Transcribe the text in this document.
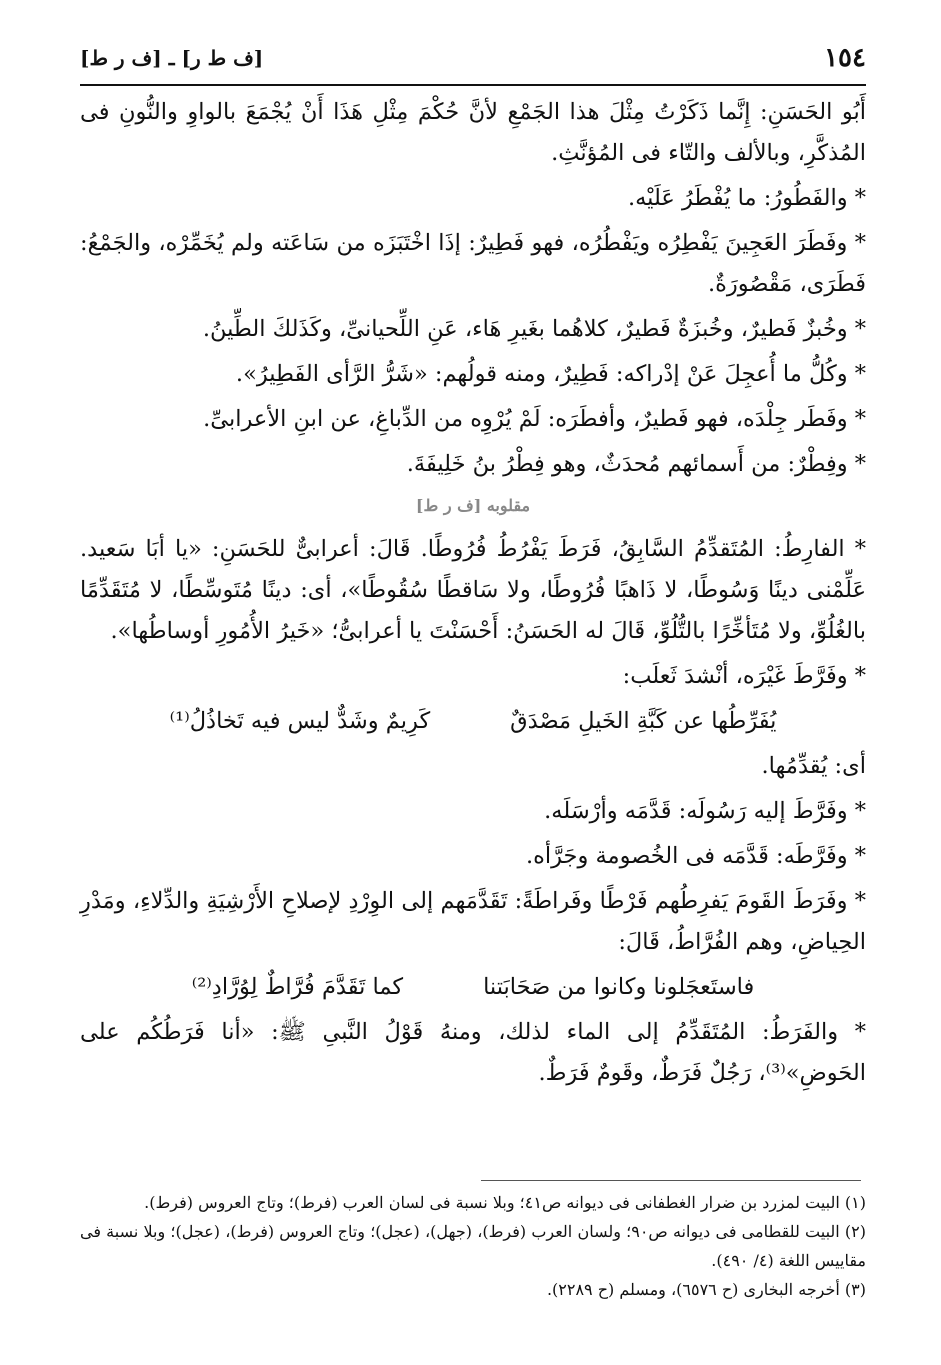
١٥٤
[ف ط ر] ـ [ف ر ط]

أَبُو الحَسَنِ: إِنَّما ذَكَرْتُ مِثْلَ هذا الجَمْعِ لأنَّ حُكْمَ مِثْلِ هَذَا أَنْ يُجْمَعَ بالواوِ والنُّونِ فى المُذكَّرِ، وبالألف والتّاء فى المُؤنَّثِ.

* والفَطُورُ: ما يُفْطَرُ عَلَيْه.

* وفَطَرَ العَجِينَ يَفْطِرُه ويَفْطُرُه، فهو فَطِيرٌ: إذَا اخْتَبَزَه من سَاعَته ولم يُخَمِّرْه، والجَمْعُ: فَطَرَى، مَقْصُورَةٌ.

* وخُبزٌ فَطيرٌ، وخُبزَةٌ فَطيرٌ، كلاهُما بغَيرِ هَاء، عَنِ اللِّحيانىِّ، وكَذَلكَ الطِّينُ.

* وكُلُّ ما أُعجِلَ عَنْ إدْراكه: فَطِيرٌ، ومنه قولُهم: «شَرُّ الرَّأى الفَطِيرُ».

* وفَطَر جِلْدَه، فهو فَطيرٌ، وأفطَرَه: لَمْ يُرْوِه من الدِّباغِ، عن ابنِ الأعرابىِّ.

* وفِطْرٌ: من أَسمائهم مُحدَثٌ، وهو فِطْرُ بنُ خَلِيفَةَ.

مقلوبه [ف ر ط]

* الفارِطُ: المُتَقدِّمُ السَّابِقُ، فَرَطَ يَفْرُطُ فُرُوطًا. قَالَ: أعرابىٌّ للحَسَنِ: «يا أبَا سَعيد. عَلِّمْنى دينًا وَسُوطًا، لا ذَاهبًا فُرُوطًا، ولا سَاقطًا سُقُوطًا»، أى: دينًا مُتَوسِّطًا، لا مُتَقَدِّمًا بالغُلُوِّ، ولا مُتَأخِّرًا بالتُّلُوِّ، قَالَ له الحَسَنُ: أَحْسَنْتَ يا أعرابىُّ؛ «خَيرُ الأُمُورِ أوساطُها».

* وفَرَّطَ غَيْرَه، أنْشدَ ثَعلَب:

يُفَرِّطُها عن كَبَّةِ الخَيلِ مَصْدَقٌ
كَرِيمٌ وشَدٌّ ليس فيه تَخاذُلُ⁽¹⁾

أى: يُقدِّمُها.

* وفَرَّطَ إليه رَسُولَه: قَدَّمَه وأرْسَلَه.

* وفَرَّطَه: قَدَّمَه فى الخُصومة وجَرَّأه.

* وفَرَطَ القَومَ يَفرِطُهم فَرْطًا وفَراطَةً: تَقَدَّمَهم إلى الوِرْدِ لإصلاحِ الأَرْشِيَةِ والدِّلاءِ، ومَدْرِ الحِياضِ، وهم الفُرَّاطُ، قَالَ:

فاستَعجَلونا وكانوا من صَحَابَتنا
كما تَقَدَّمَ فُرَّاطٌ لِوُرَّادِ⁽²⁾

* والفَرَطُ: المُتَقَدِّمُ إلى الماء لذلك، ومنهُ قَوْلُ النَّبىِ ﷺ: «أنا فَرَطُكُم على الحَوضِ»⁽³⁾، رَجُلٌ فَرَطٌ، وقَومٌ فَرَطٌ.

(١) البيت لمزرد بن ضرار الغطفانى فى ديوانه ص٤١؛ وبلا نسبة فى لسان العرب (فرط)؛ وتاج العروس (فرط).

(٢) البيت للقطامى فى ديوانه ص٩٠؛ ولسان العرب (فرط)، (جهل)، (عجل)؛ وتاج العروس (فرط)، (عجل)؛ وبلا نسبة فى مقاييس اللغة (٤/ ٤٩٠).

(٣) أخرجه البخارى (ح ٦٥٧٦)، ومسلم (ح ٢٢٨٩).
